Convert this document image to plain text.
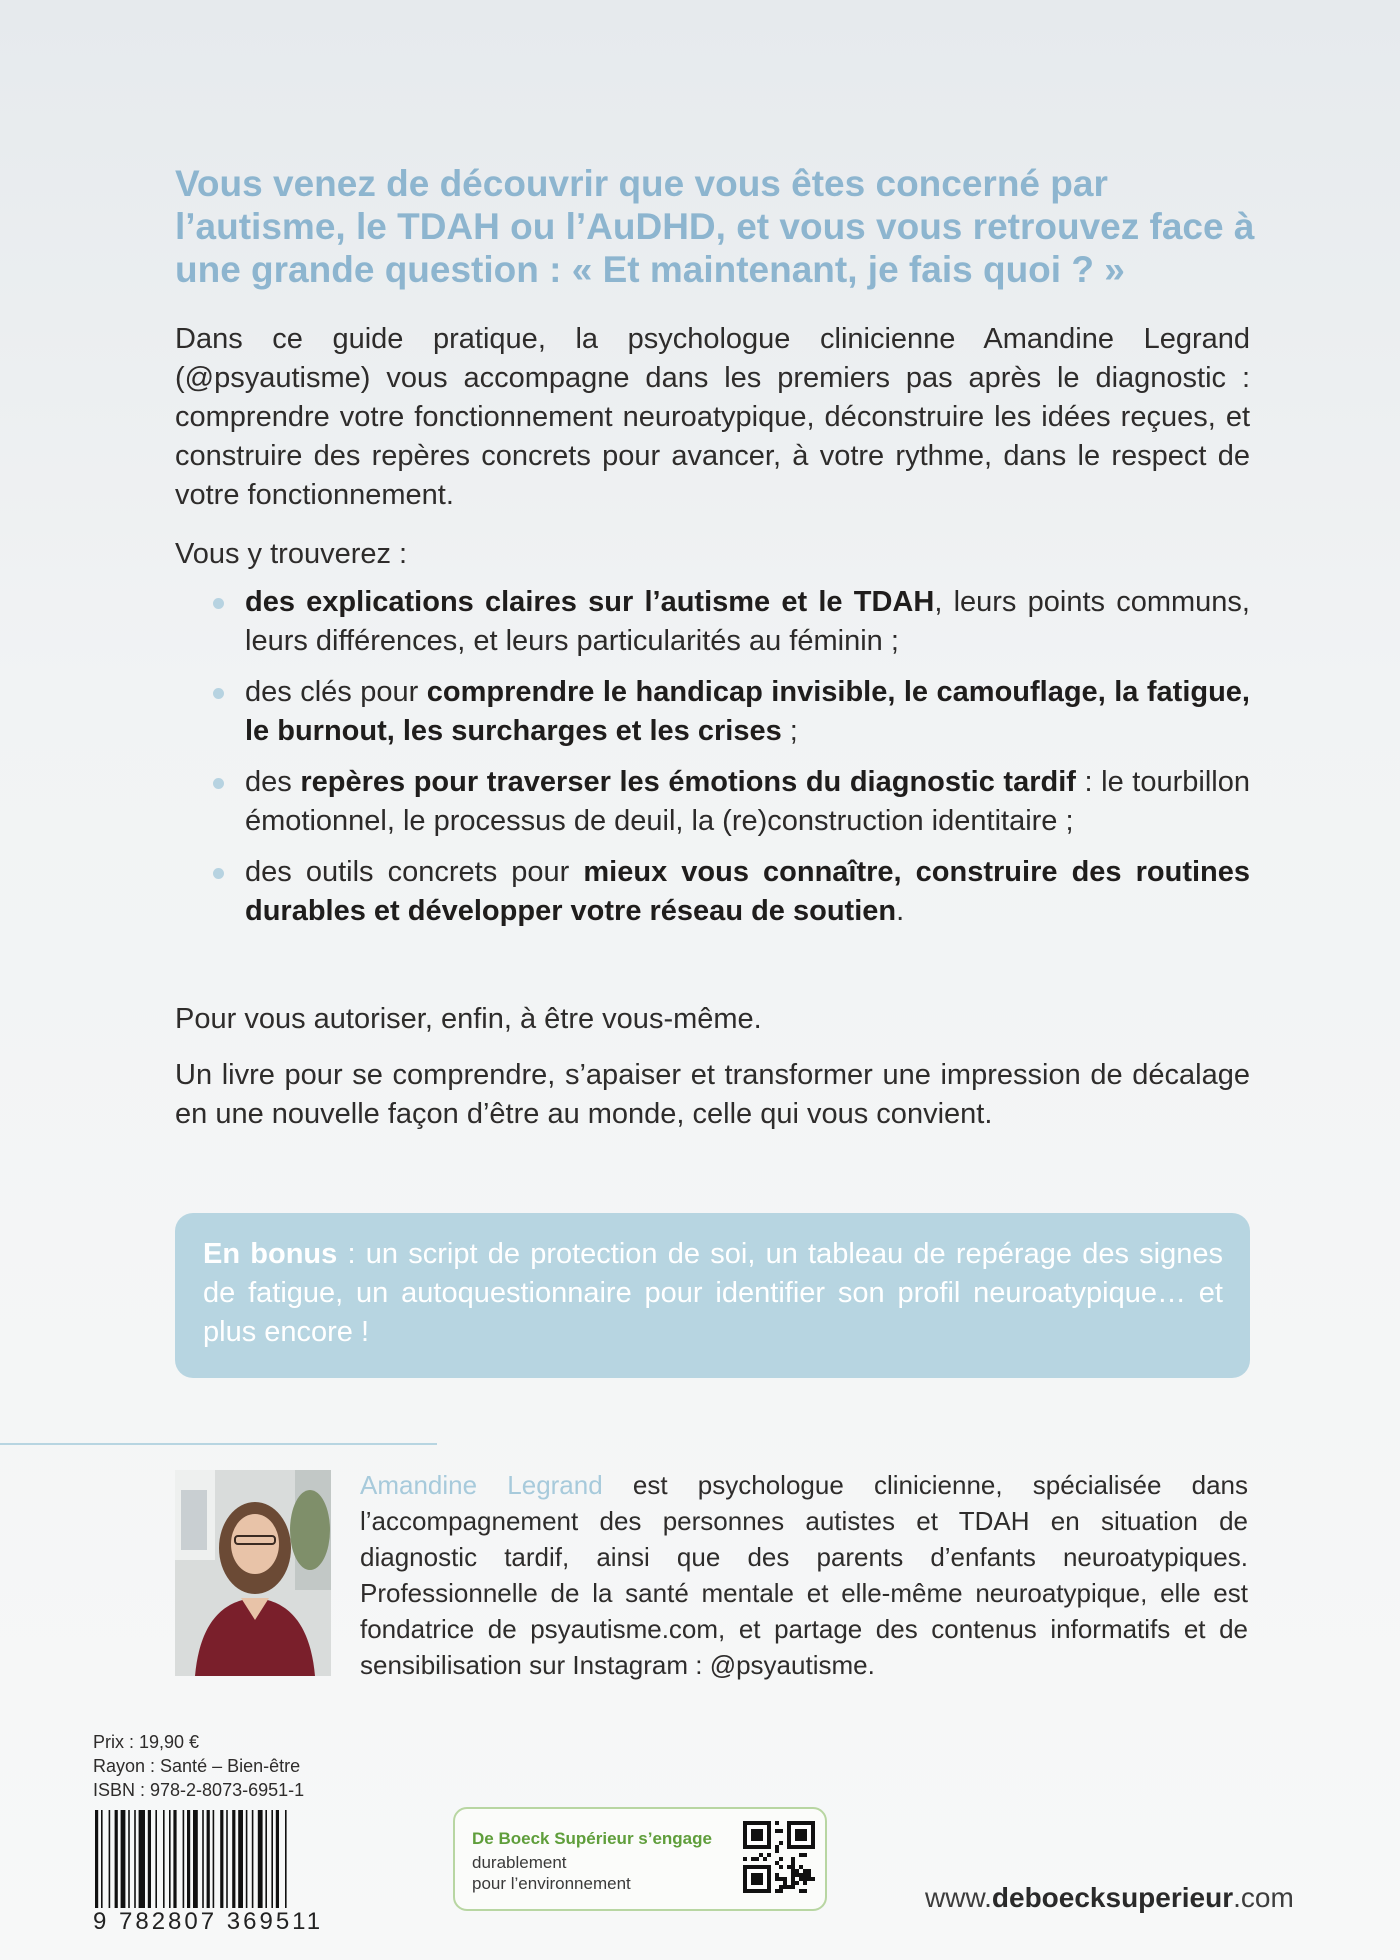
Vous venez de découvrir que vous êtes concerné par l’autisme, le TDAH ou l’AuDHD, et vous vous retrouvez face à une grande question : « Et maintenant, je fais quoi ? »
Dans ce guide pratique, la psychologue clinicienne Amandine Legrand (@psyautisme) vous accompagne dans les premiers pas après le diagnostic : comprendre votre fonctionnement neuroatypique, déconstruire les idées reçues, et construire des repères concrets pour avancer, à votre rythme, dans le respect de votre fonctionnement.
Vous y trouverez :
des explications claires sur l’autisme et le TDAH, leurs points communs, leurs différences, et leurs particularités au féminin ;
des clés pour comprendre le handicap invisible, le camouflage, la fatigue, le burnout, les surcharges et les crises ;
des repères pour traverser les émotions du diagnostic tardif : le tourbillon émotionnel, le processus de deuil, la (re)construction identitaire ;
des outils concrets pour mieux vous connaître, construire des routines durables et développer votre réseau de soutien.
Pour vous autoriser, enfin, à être vous-même.
Un livre pour se comprendre, s’apaiser et transformer une impression de décalage en une nouvelle façon d’être au monde, celle qui vous convient.
En bonus : un script de protection de soi, un tableau de repérage des signes de fatigue, un autoquestionnaire pour identifier son profil neuroatypique… et plus encore !
Amandine Legrand est psychologue clinicienne, spécialisée dans l’accompagnement des personnes autistes et TDAH en situation de diagnostic tardif, ainsi que des parents d’enfants neuroatypiques. Professionnelle de la santé mentale et elle-même neuroatypique, elle est fondatrice de psyautisme.com, et partage des contenus informatifs et de sensibilisation sur Instagram : @psyautisme.
Prix : 19,90 €
Rayon : Santé – Bien-être
ISBN : 978-2-8073-6951-1
9 782807 369511
De Boeck Supérieur s’engage
durablement
pour l’environnement	www.deboecksuperieur.com
